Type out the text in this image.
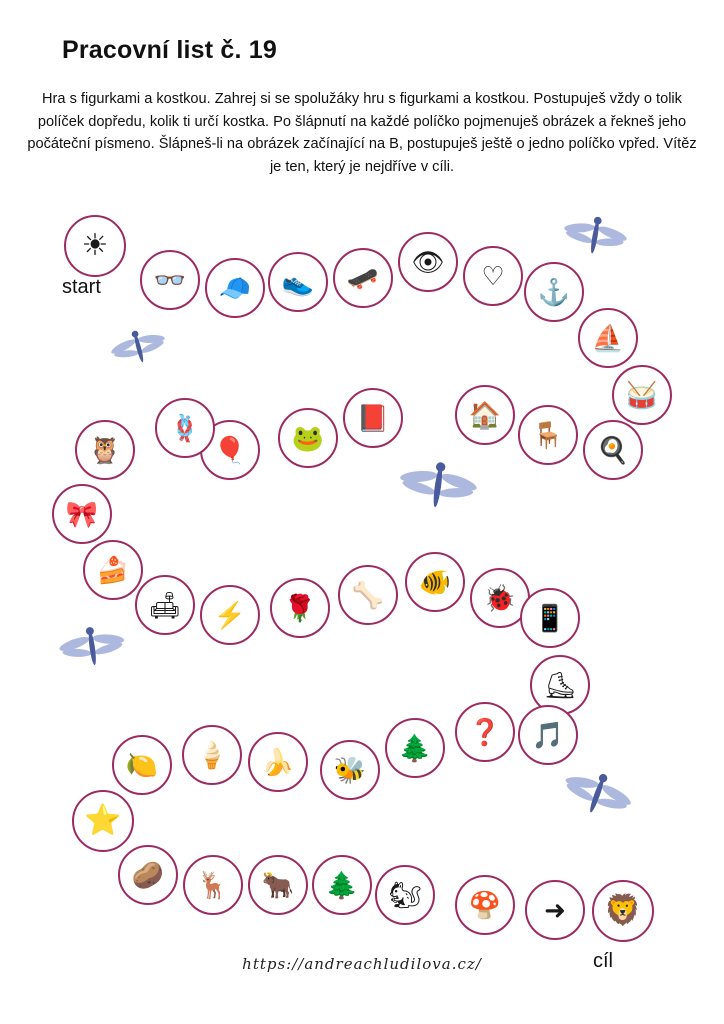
Pracovní list č. 19
Hra s figurkami a kostkou. Zahrej si se spolužáky hru s figurkami a kostkou. Postupuješ vždy o tolik políček dopředu, kolik ti určí kostka. Po šlápnutí na každé políčko pojmenuješ obrázek a řekneš jeho počáteční písmeno. Šlápneš-li na obrázek začínající na B, postupuješ ještě o jedno políčko vpřed. Vítěz je ten, který je nejdříve v cíli.
☀
👓 🧢 👟 🛹
👁 ♡
⚓
⛵
🥁
🍳
🪑
🏠
📕
🐸
🎈
🪢
🦉
🎀
🍰
🛋 ⚡ 🌹 🦴 🐠
🐞
📱
⛸
🎵
❓
🌲
🐝
🍌
🍦
🍋
⭐
🥔 🦌 🐂 🌲 🐿 🍄 ➜ 🦁
start
cíl
https://andreachludilova.cz/
